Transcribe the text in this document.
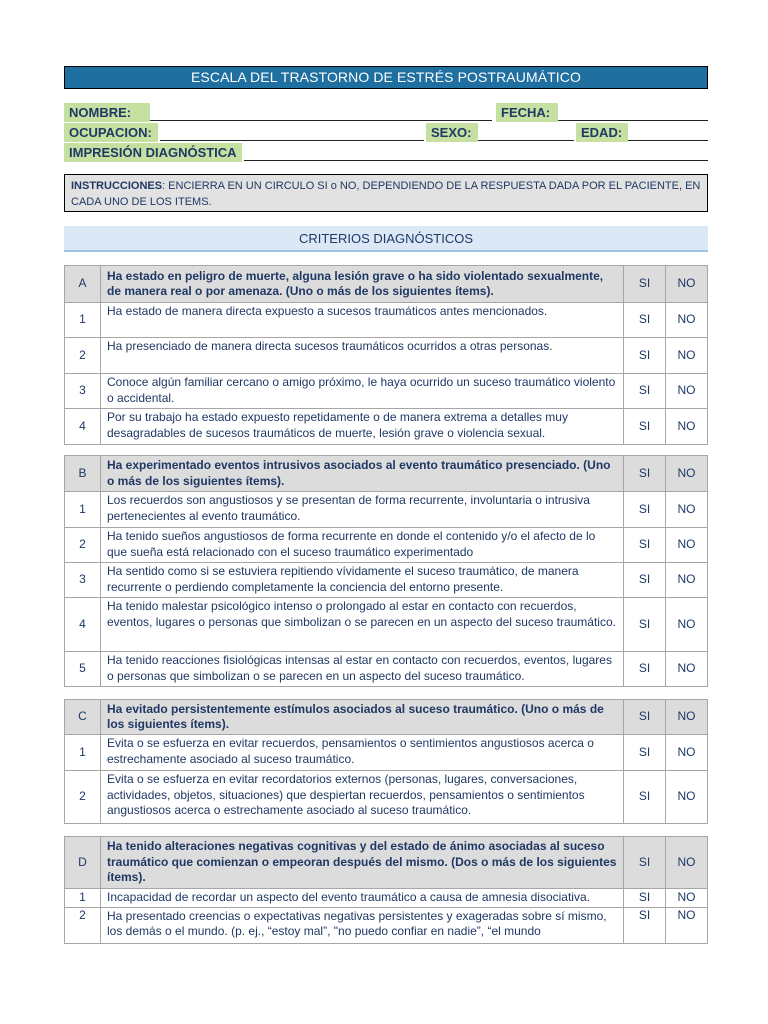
ESCALA DEL TRASTORNO DE ESTRÉS POSTRAUMÁTICO
NOMBRE:	FECHA:
OCUPACION:	SEXO:	EDAD:
IMPRESIÓN DIAGNÓSTICA
INSTRUCCIONES: ENCIERRA EN UN CIRCULO SI o NO, DEPENDIENDO DE LA RESPUESTA DADA POR EL PACIENTE, EN CADA UNO DE LOS ITEMS.
CRITERIOS DIAGNÓSTICOS
A	Ha estado en peligro de muerte, alguna lesión grave o ha sido violentado sexualmente, de manera real o por amenaza. (Uno o más de los siguientes ítems).	SI	NO
1	Ha estado de manera directa expuesto a sucesos traumáticos antes mencionados.	SI	NO
2	Ha presenciado de manera directa sucesos traumáticos ocurridos a otras personas.	SI	NO
3	Conoce algún familiar cercano o amigo próximo, le haya ocurrido un suceso traumático violento o accidental.	SI	NO
4	Por su trabajo ha estado expuesto repetidamente o de manera extrema a detalles muy desagradables de sucesos traumáticos de muerte, lesión grave o violencia sexual.	SI	NO
B	Ha experimentado eventos intrusivos asociados al evento traumático presenciado. (Uno o más de los siguientes ítems).	SI	NO
1	Los recuerdos son angustiosos y se presentan de forma recurrente, involuntaria o intrusiva pertenecientes al evento traumático.	SI	NO
2	Ha tenido sueños angustiosos de forma recurrente en donde el contenido y/o el afecto de lo que sueña está relacionado con el suceso traumático experimentado	SI	NO
3	Ha sentido como si se estuviera repitiendo vívidamente el suceso traumático, de manera recurrente o perdiendo completamente la conciencia del entorno presente.	SI	NO
4	Ha tenido malestar psicológico intenso o prolongado al estar en contacto con recuerdos, eventos, lugares o personas que simbolizan o se parecen en un aspecto del suceso traumático.	SI	NO
5	Ha tenido reacciones fisiológicas intensas al estar en contacto con recuerdos, eventos, lugares o personas que simbolizan o se parecen en un aspecto del suceso traumático.	SI	NO
C	Ha evitado persistentemente estímulos asociados al suceso traumático. (Uno o más de los siguientes ítems).	SI	NO
1	Evita o se esfuerza en evitar recuerdos, pensamientos o sentimientos angustiosos acerca o estrechamente asociado al suceso traumático.	SI	NO
2	Evita o se esfuerza en evitar recordatorios externos (personas, lugares, conversaciones, actividades, objetos, situaciones) que despiertan recuerdos, pensamientos o sentimientos angustiosos acerca o estrechamente asociado al suceso traumático.	SI	NO
D	Ha tenido alteraciones negativas cognitivas y del estado de ánimo asociadas al suceso traumático que comienzan o empeoran después del mismo. (Dos o más de los siguientes ítems).	SI	NO
1	Incapacidad de recordar un aspecto del evento traumático a causa de amnesia disociativa.	SI	NO
2	Ha presentado creencias o expectativas negativas persistentes y exageradas sobre sí mismo, los demás o el mundo. (p. ej., “estoy mal”, "no puedo confiar en nadie”, “el mundo	SI	NO
